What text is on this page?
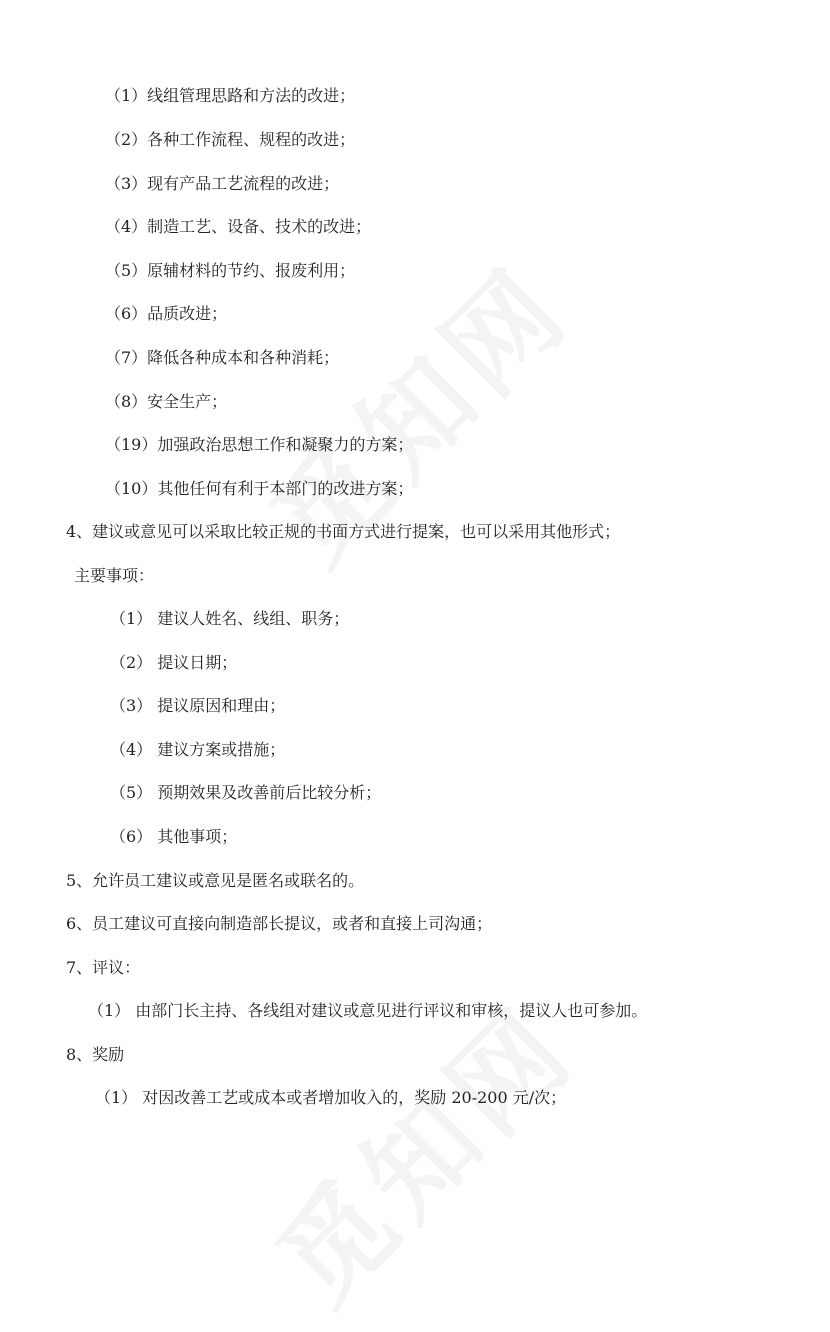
（1）线组管理思路和方法的改进；
（2）各种工作流程、规程的改进；
（3）现有产品工艺流程的改进；
（4）制造工艺、设备、技术的改进；
（5）原辅材料的节约、报废利用；
（6）品质改进；
（7）降低各种成本和各种消耗；
（8）安全生产；
（19）加强政治思想工作和凝聚力的方案；
（10）其他任何有利于本部门的改进方案；
4、建议或意见可以采取比较正规的书面方式进行提案，也可以采用其他形式；
主要事项：
（1） 建议人姓名、线组、职务；
（2） 提议日期；
（3） 提议原因和理由；
（4） 建议方案或措施；
（5） 预期效果及改善前后比较分析；
（6） 其他事项；
5、允许员工建议或意见是匿名或联名的。
6、员工建议可直接向制造部长提议，或者和直接上司沟通；
7、评议：
（1） 由部门长主持、各线组对建议或意见进行评议和审核，提议人也可参加。
8、奖励
（1） 对因改善工艺或成本或者增加收入的，奖励 20-200 元/次；
